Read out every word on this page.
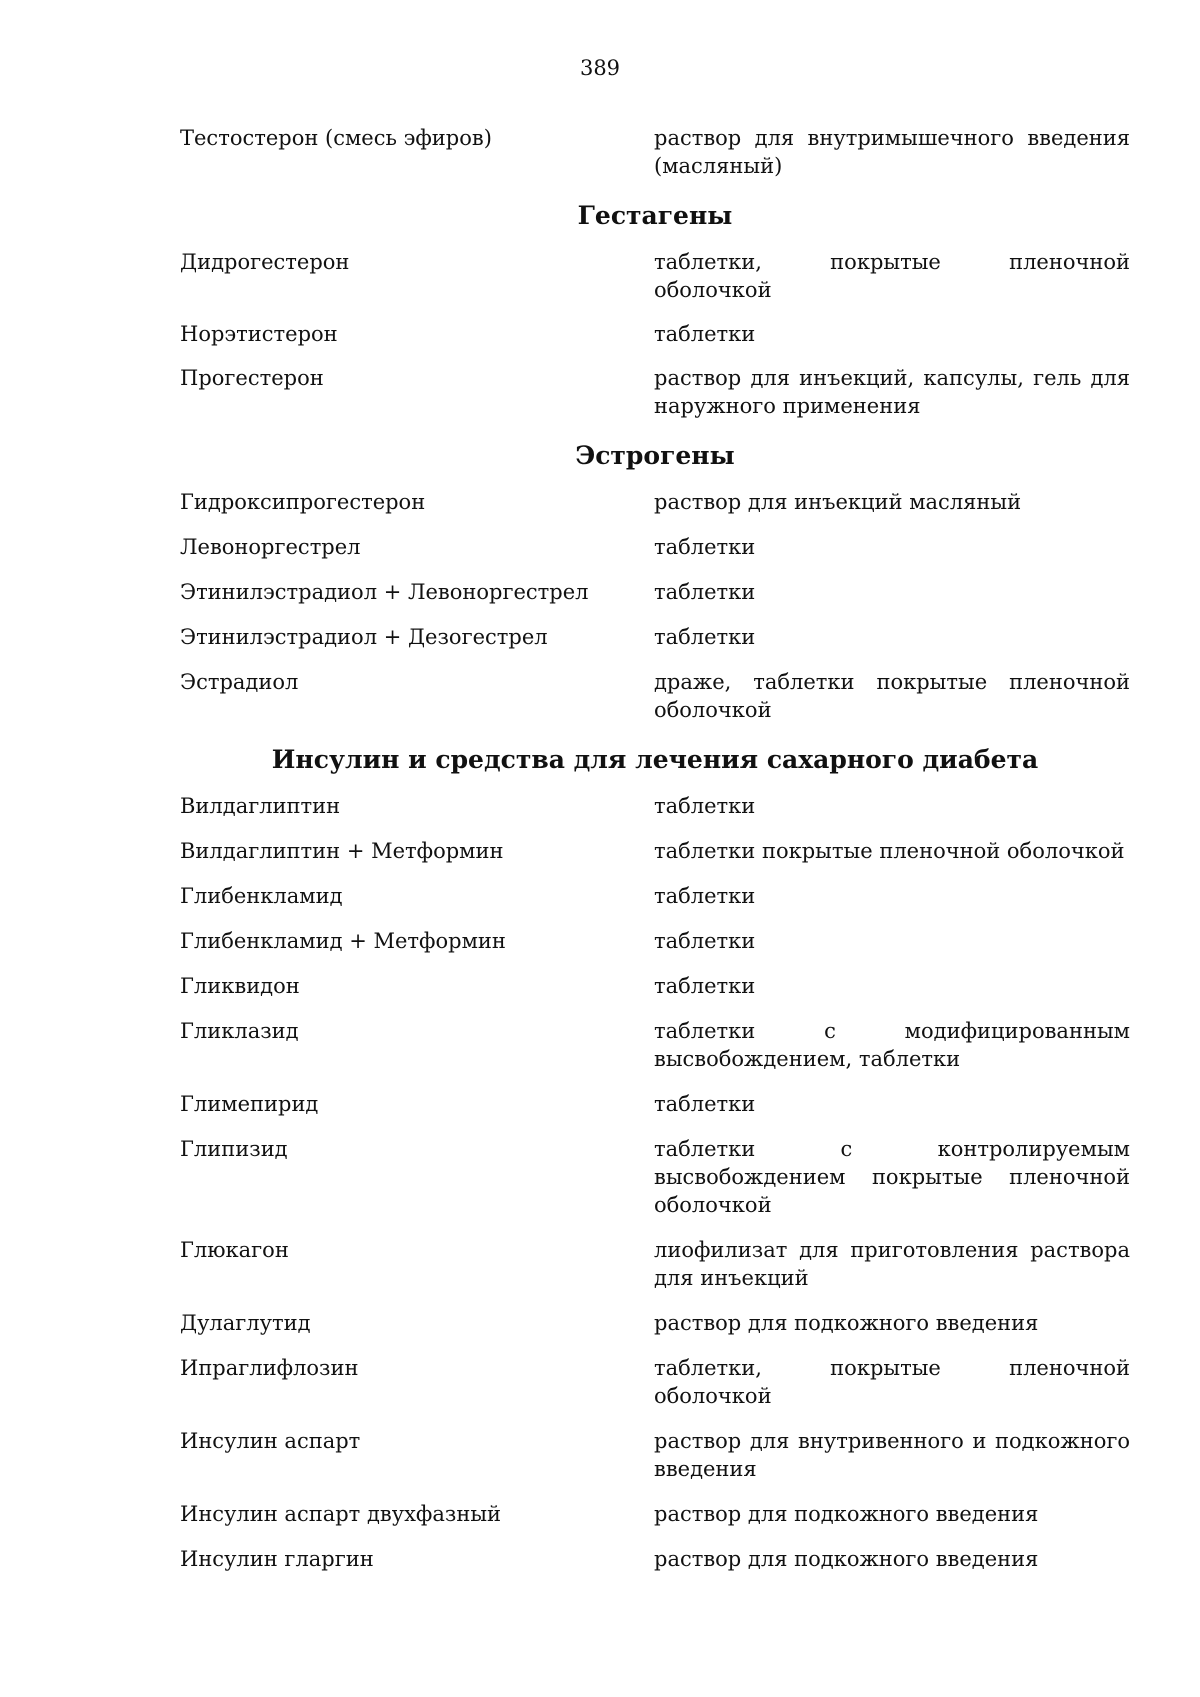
389
Тестостерон (смесь эфиров)	раствор для внутримышечного введения (масляный)
Гестагены
Дидрогестерон	таблетки, покрытые пленочной оболочкой
Норэтистерон	таблетки
Прогестерон	раствор для инъекций, капсулы, гель для наружного применения
Эстрогены
Гидроксипрогестерон	раствор для инъекций масляный
Левоноргестрел	таблетки
Этинилэстрадиол + Левоноргестрел	таблетки
Этинилэстрадиол + Дезогестрел	таблетки
Эстрадиол	драже, таблетки покрытые пленочной оболочкой
Инсулин и средства для лечения сахарного диабета
Вилдаглиптин	таблетки
Вилдаглиптин + Метформин	таблетки покрытые пленочной оболочкой
Глибенкламид	таблетки
Глибенкламид + Метформин	таблетки
Гликвидон	таблетки
Гликлазид	таблетки с модифицированным высвобождением, таблетки
Глимепирид	таблетки
Глипизид	таблетки с контролируемым высвобождением покрытые пленочной оболочкой
Глюкагон	лиофилизат для приготовления раствора для инъекций
Дулаглутид	раствор для подкожного введения
Ипраглифлозин	таблетки, покрытые пленочной оболочкой
Инсулин аспарт	раствор для внутривенного и подкожного введения
Инсулин аспарт двухфазный	раствор для подкожного введения
Инсулин гларгин	раствор для подкожного введения
